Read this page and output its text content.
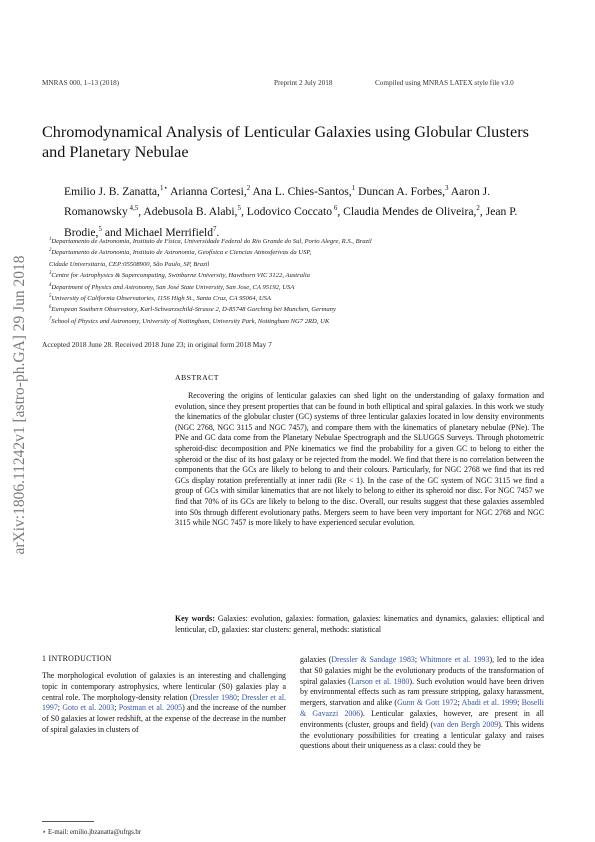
MNRAS 000, 1–13 (2018)	Preprint 2 July 2018	Compiled using MNRAS LATEX style file v3.0
arXiv:1806.11242v1 [astro-ph.GA] 29 Jun 2018
Chromodynamical Analysis of Lenticular Galaxies using Globular Clusters and Planetary Nebulae
Emilio J. B. Zanatta,$^{1⋆}$ Arianna Cortesi,$^2$ Ana L. Chies-Santos,$^1$ Duncan A. Forbes,$^3$ Aaron J. Romanowsky $^{4,5}$, Adebusola B. Alabi,$^5$, Lodovico Coccato $^6$, Claudia Mendes de Oliveira,$^2$, Jean P. Brodie,$^5$ and Michael Merrifield$^7$.
$^1$Departamento de Astronomia, Instituto de Física, Universidade Federal do Rio Grande do Sul, Porto Alegre, R.S., Brazil
$^2$Departamento de Astronomia, Instituto de Astronomia, Geofísica e Ciencias Atmosferivas da USP,
Cidade Universitaria, CEP:05508900, São Paulo, SP, Brazil
$^3$Centre for Astrophysics & Supercomputing, Swinburne University, Hawthorn VIC 3122, Australia
$^4$Department of Physics and Astronomy, San José State University, San Jose, CA 95192, USA
$^5$University of California Observatories, 1156 High St., Santa Cruz, CA 95064, USA
$^6$European Southern Observatory, Karl-Schwarzschild-Strasse 2, D-85748 Garching bei Munchen, Germany
$^7$School of Physics and Astronomy, University of Nottingham, University Park, Nottingham NG7 2RD, UK
Accepted 2018 June 28. Received 2018 June 23; in original form 2018 May 7
ABSTRACT
Recovering the origins of lenticular galaxies can shed light on the understanding of galaxy formation and evolution, since they present properties that can be found in both elliptical and spiral galaxies. In this work we study the kinematics of the globular cluster (GC) systems of three lenticular galaxies located in low density environments (NGC 2768, NGC 3115 and NGC 7457), and compare them with the kinematics of planetary nebulae (PNe). The PNe and GC data come from the Planetary Nebulae Spectrograph and the SLUGGS Surveys. Through photometric spheroid-disc decomposition and PNe kinematics we find the probability for a given GC to belong to either the spheroid or the disc of its host galaxy or be rejected from the model. We find that there is no correlation between the components that the GCs are likely to belong to and their colours. Particularly, for NGC 2768 we find that its red GCs display rotation preferentially at inner radii (Re < 1). In the case of the GC system of NGC 3115 we find a group of GCs with similar kinematics that are not likely to belong to either its spheroid nor disc. For NGC 7457 we find that 70% of its GCs are likely to belong to the disc. Overall, our results suggest that these galaxies assembled into S0s through different evolutionary paths. Mergers seem to have been very important for NGC 2768 and NGC 3115 while NGC 7457 is more likely to have experienced secular evolution.
Key words: Galaxies: evolution, galaxies: formation, galaxies: kinematics and dynamics, galaxies: elliptical and lenticular, cD, galaxies: star clusters: general, methods: statistical
1 INTRODUCTION
The morphological evolution of galaxies is an interesting and challenging topic in contemporary astrophysics, where lenticular (S0) galaxies play a central role. The morphology-density relation (Dressler 1980; Dressler et al. 1997; Goto et al. 2003; Postman et al. 2005) and the increase of the number of S0 galaxies at lower redshift, at the expense of the decrease in the number of spiral galaxies in clusters of
galaxies (Dressler & Sandage 1983; Whitmore et al. 1993), led to the idea that S0 galaxies might be the evolutionary products of the transformation of spiral galaxies (Larson et al. 1980). Such evolution would have been driven by environmental effects such as ram pressure stripping, galaxy harassment, mergers, starvation and alike (Gunn & Gott 1972; Abadi et al. 1999; Boselli & Gavazzi 2006). Lenticular galaxies, however, are present in all environments (cluster, groups and field) (van den Bergh 2009). This widens the evolutionary possibilities for creating a lenticular galaxy and raises questions about their uniqueness as a class: could they be
⋆ E-mail: emilio.jbzanatta@ufrgs.br
